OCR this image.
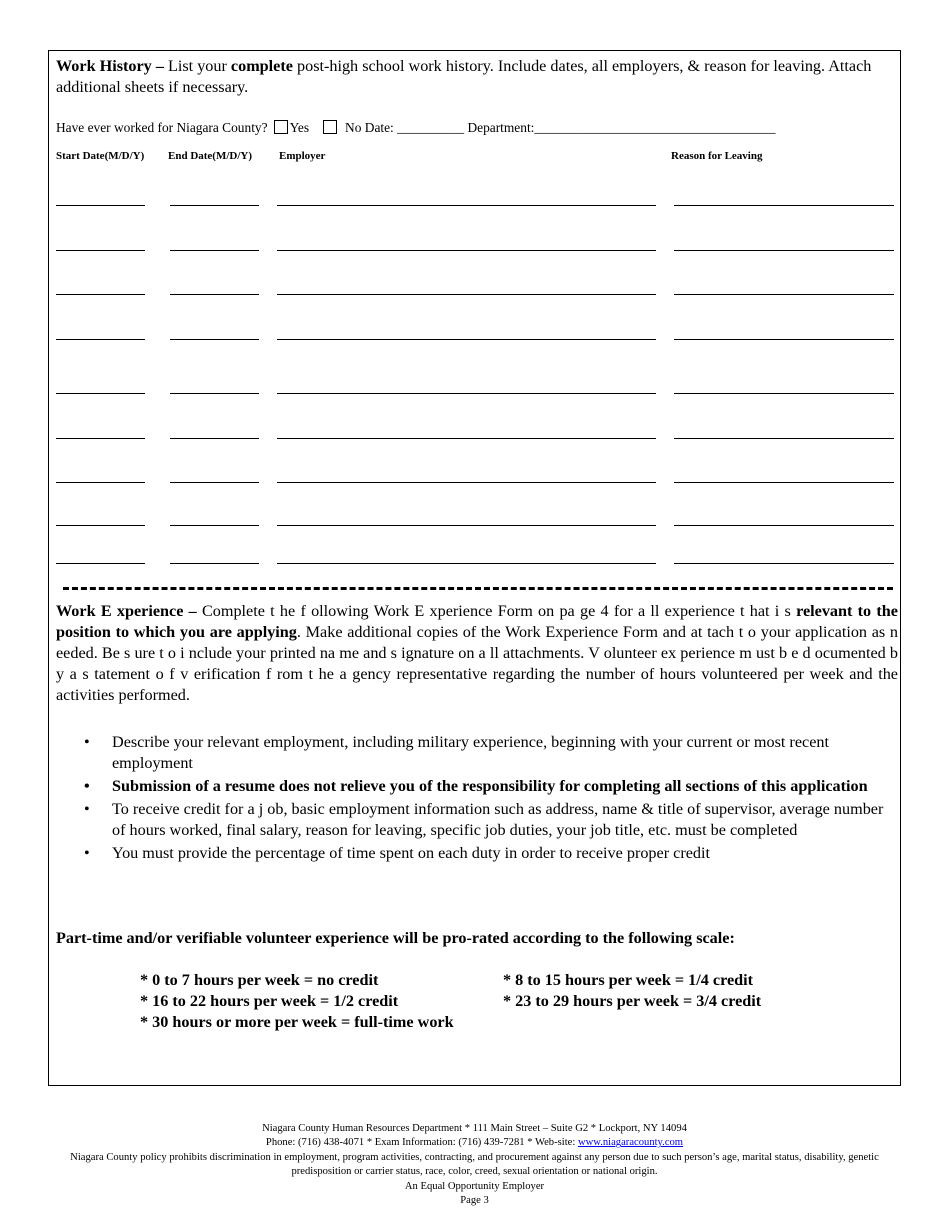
Work History – List your complete post-high school work history. Include dates, all employers, & reason for leaving. Attach additional sheets if necessary.
Have ever worked for Niagara County? Yes	No Date: __________ Department:____________________________________
Start Date(M/D/Y) End Date(M/D/Y) Employer	Reason for Leaving
Work E xperience – Complete t he f ollowing Work E xperience Form on pa ge 4 for a ll experience t hat i s relevant to the position to which you are applying. Make additional copies of the Work Experience Form and at tach t o your application as n eeded. Be s ure t o i nclude your printed na me and s ignature on a ll attachments. V olunteer ex perience m ust b e d ocumented b y a s tatement o f v erification f rom t he a gency representative regarding the number of hours volunteered per week and the activities performed.
• Describe your relevant employment, including military experience, beginning with your current or most recent employment
• Submission of a resume does not relieve you of the responsibility for completing all sections of this application
• To receive credit for a j ob, basic employment information such as address, name & title of supervisor, average number of hours worked, final salary, reason for leaving, specific job duties, your job title, etc. must be completed
• You must provide the percentage of time spent on each duty in order to receive proper credit
Part-time and/or verifiable volunteer experience will be pro-rated according to the following scale:
* 0 to 7 hours per week = no credit	* 8 to 15 hours per week = 1/4 credit
* 16 to 22 hours per week = 1/2 credit	* 23 to 29 hours per week = 3/4 credit
* 30 hours or more per week = full-time work
Niagara County Human Resources Department * 111 Main Street – Suite G2 * Lockport, NY 14094
Phone: (716) 438-4071 * Exam Information: (716) 439-7281 * Web-site: www.niagaracounty.com
Niagara County policy prohibits discrimination in employment, program activities, contracting, and procurement against any person due to such person’s age, marital status, disability, genetic predisposition or carrier status, race, color, creed, sexual orientation or national origin.
An Equal Opportunity Employer
Page 3
